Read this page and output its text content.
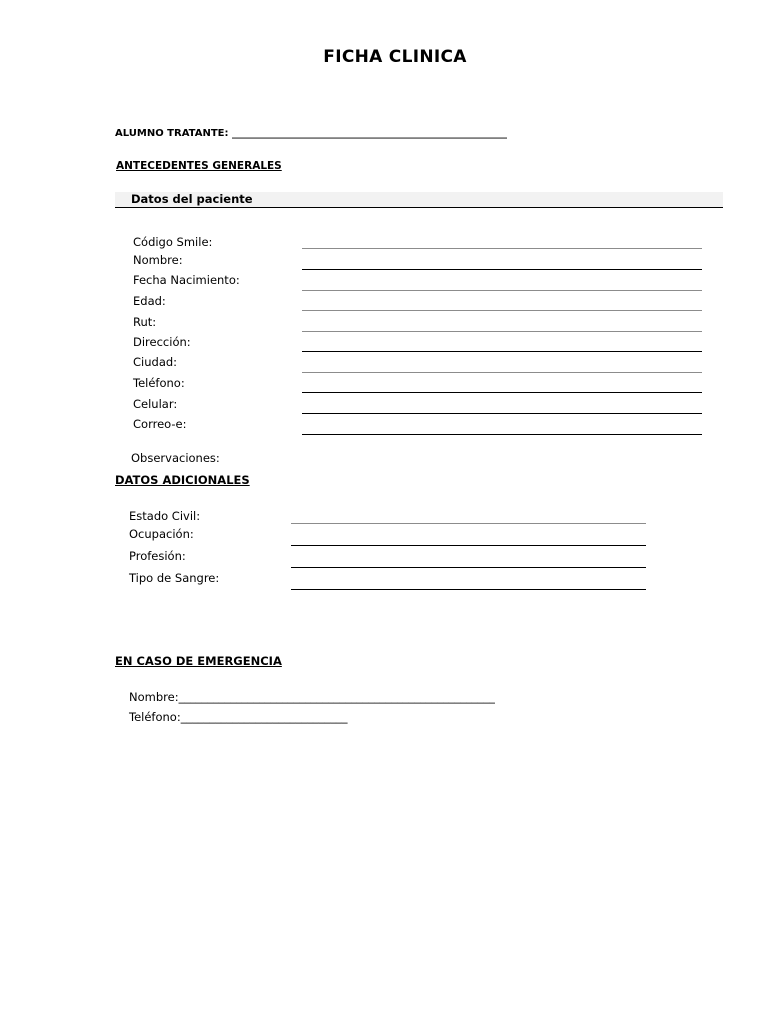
FICHA CLINICA
ALUMNO TRATANTE: _______________________________________________________
ANTECEDENTES GENERALES
Datos del paciente
Código Smile:
Nombre:
Fecha Nacimiento:
Edad:
Rut:
Dirección:
Ciudad:
Teléfono:
Celular:
Correo-e:
Observaciones:
DATOS ADICIONALES
Estado Civil:
Ocupación:
Profesión:
Tipo de Sangre:
EN CASO DE EMERGENCIA
Nombre:_______________________________________________________
Teléfono:_____________________________
